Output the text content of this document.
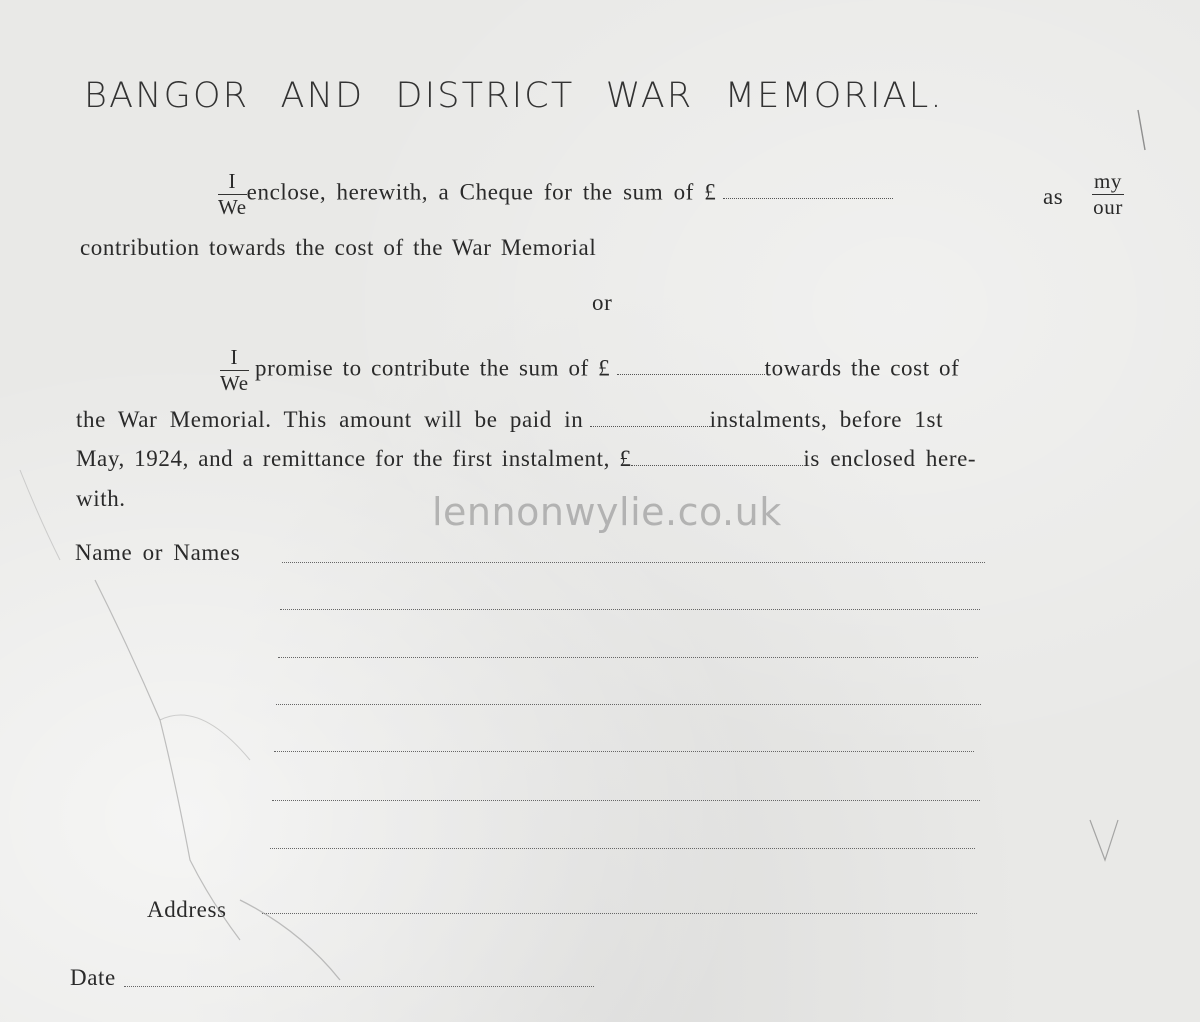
BANGOR AND DISTRICT WAR MEMORIAL.
$\frac{I}{We}$ enclose, herewith, a Cheque for the sum of £	as $\frac{my}{\text{our}}$
contribution towards the cost of the War Memorial
or
$\frac{I}{We}$ promise to contribute the sum of £	towards the cost of
the War Memorial. This amount will be paid in	instalments, before 1st
May, 1924, and a remittance for the first instalment, £	is enclosed here-
with.	lennonwylie.co.uk
Name or Names
Address
Date
